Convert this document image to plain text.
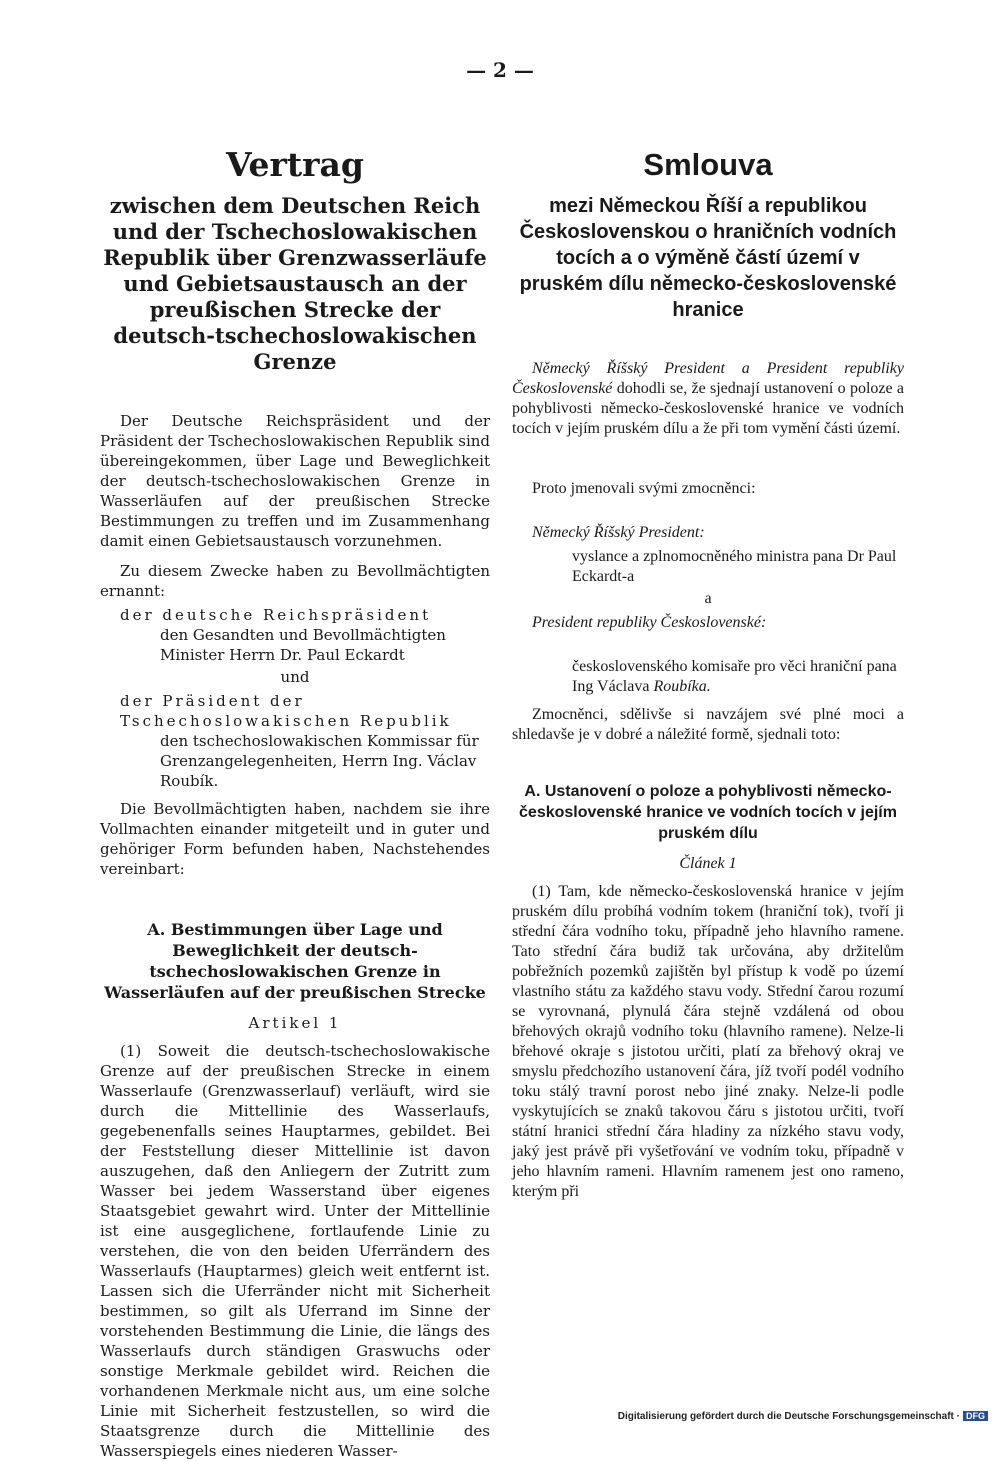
— 2 —
Vertrag
zwischen dem Deutschen Reich und der Tschechoslowakischen Republik über Grenzwasserläufe und Gebietsaustausch an der preußischen Strecke der deutsch-tschechoslowakischen Grenze

Der Deutsche Reichspräsident und der Präsident der Tschechoslowakischen Republik sind übereingekommen, über Lage und Beweglichkeit der deutsch-tschechoslowakischen Grenze in Wasserläufen auf der preußischen Strecke Bestimmungen zu treffen und im Zusammenhang damit einen Gebietsaustausch vorzunehmen.

Zu diesem Zwecke haben zu Bevollmächtigten ernannt:

der deutsche Reichspräsident
den Gesandten und Bevollmächtigten Minister Herrn Dr. Paul Eckardt
und
der Präsident der Tschechoslowakischen Republik
den tschechoslowakischen Kommissar für Grenzangelegenheiten, Herrn Ing. Václav Roubík.

Die Bevollmächtigten haben, nachdem sie ihre Vollmachten einander mitgeteilt und in guter und gehöriger Form befunden haben, Nachstehendes vereinbart:

A. Bestimmungen über Lage und Beweglichkeit der deutsch-tschechoslowakischen Grenze in Wasserläufen auf der preußischen Strecke
Artikel 1

(1) Soweit die deutsch-tschechoslowakische Grenze auf der preußischen Strecke in einem Wasserlaufe (Grenzwasserlauf) verläuft, wird sie durch die Mittellinie des Wasserlaufs, gegebenenfalls seines Hauptarmes, gebildet. Bei der Feststellung dieser Mittellinie ist davon auszugehen, daß den Anliegern der Zutritt zum Wasser bei jedem Wasserstand über eigenes Staatsgebiet gewahrt wird. Unter der Mittellinie ist eine ausgeglichene, fortlaufende Linie zu verstehen, die von den beiden Uferrändern des Wasserlaufs (Hauptarmes) gleich weit entfernt ist. Lassen sich die Uferränder nicht mit Sicherheit bestimmen, so gilt als Uferrand im Sinne der vorstehenden Bestimmung die Linie, die längs des Wasserlaufs durch ständigen Graswuchs oder sonstige Merkmale gebildet wird. Reichen die vorhandenen Merkmale nicht aus, um eine solche Linie mit Sicherheit festzustellen, so wird die Staatsgrenze durch die Mittellinie des Wasserspiegels eines niederen Wasser-

Smlouva
mezi Německou Říší a republikou Československou o hraničních vodních tocích a o výměně částí území v pruském dílu německo-československé hranice

Německý Říšský President a President republiky Československé dohodli se, že sjednají ustanovení o poloze a pohyblivosti německo-československé hranice ve vodních tocích v jejím pruském dílu a že při tom vymění části území.

Proto jmenovali svými zmocněnci:

Německý Říšský President:
vyslance a zplnomocněného ministra pana Dr Paul Eckardt-a
a
President republiky Československé:
československého komisaře pro věci hraniční pana Ing Václava Roubíka.

Zmocněnci, sdělivše si navzájem své plné moci a shledavše je v dobré a náležité formě, sjednali toto:

A. Ustanovení o poloze a pohyblivosti německo-československé hranice ve vodních tocích v jejím pruském dílu
Článek 1

(1) Tam, kde německo-československá hranice v jejím pruském dílu probíhá vodním tokem (hraniční tok), tvoří ji střední čára vodního toku, případně jeho hlavního ramene. Tato střední čára budiž tak určována, aby držitelům pobřežních pozemků zajištěn byl přístup k vodě po území vlastního státu za každého stavu vody. Střední čarou rozumí se vyrovnaná, plynulá čára stejně vzdálená od obou břehových okrajů vodního toku (hlavního ramene). Nelze-li břehové okraje s jistotou určiti, platí za břehový okraj ve smyslu předchozího ustanovení čára, jíž tvoří podél vodního toku stálý travní porost nebo jiné znaky. Nelze-li podle vyskytujících se znaků takovou čáru s jistotou určiti, tvoří státní hranici střední čára hladiny za nízkého stavu vody, jaký jest právě při vyšetřování ve vodním toku, případně v jeho hlavním rameni. Hlavním ramenem jest ono rameno, kterým při

Digitalisierung gefördert durch die Deutsche Forschungsgemeinschaft · DFG
